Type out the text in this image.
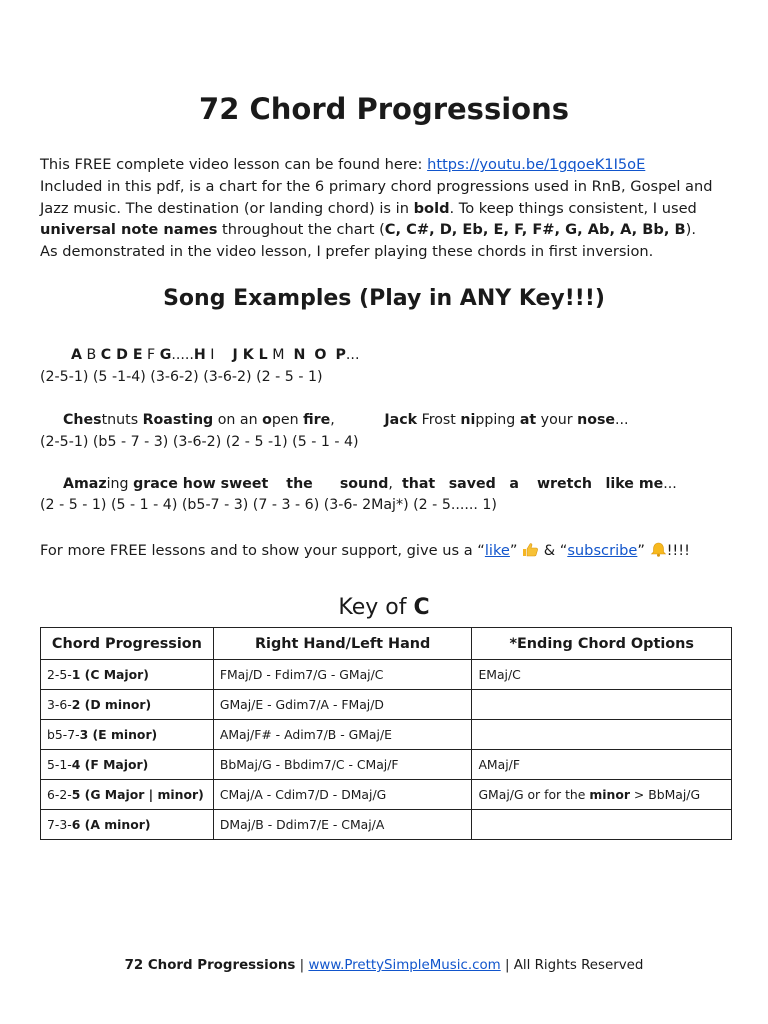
72 Chord Progressions
This FREE complete video lesson can be found here: https://youtu.be/1gqoeK1I5oE
Included in this pdf, is a chart for the 6 primary chord progressions used in RnB, Gospel and
Jazz music. The destination (or landing chord) is in bold. To keep things consistent, I used
universal note names throughout the chart (C, C#, D, Eb, E, F, F#, G, Ab, A, Bb, B).
As demonstrated in the video lesson, I prefer playing these chords in first inversion.
Song Examples (Play in ANY Key!!!)
A B C D E F G.....H I    J K L M  N O P...
(2-5-1) (5 -1-4) (3-6-2) (3-6-2) (2 - 5 - 1)
Chestnuts Roasting on an open fire,           Jack Frost nipping at your nose...
(2-5-1) (b5 - 7 - 3) (3-6-2) (2 - 5 -1) (5 - 1 - 4)
Amazing grace how sweet the sound,  that saved a wretch like me...
(2 - 5 - 1) (5 - 1 - 4) (b5-7 - 3) (7 - 3 - 6) (3-6- 2Maj*) (2 - 5...... 1)
For more FREE lessons and to show your support, give us a “like”  & “subscribe” !!!!
Key of C
Chord Progression	Right Hand/Left Hand	*Ending Chord Options
2-5-1 (C Major)	FMaj/D - Fdim7/G - GMaj/C	EMaj/C
3-6-2 (D minor)	GMaj/E - Gdim7/A - FMaj/D	
b5-7-3 (E minor)	AMaj/F# - Adim7/B - GMaj/E	
5-1-4 (F Major)	BbMaj/G - Bbdim7/C - CMaj/F	AMaj/F
6-2-5 (G Major | minor)	CMaj/A - Cdim7/D - DMaj/G	GMaj/G or for the minor > BbMaj/G
7-3-6 (A minor)	DMaj/B - Ddim7/E - CMaj/A	
72 Chord Progressions | www.PrettySimpleMusic.com | All Rights Reserved
